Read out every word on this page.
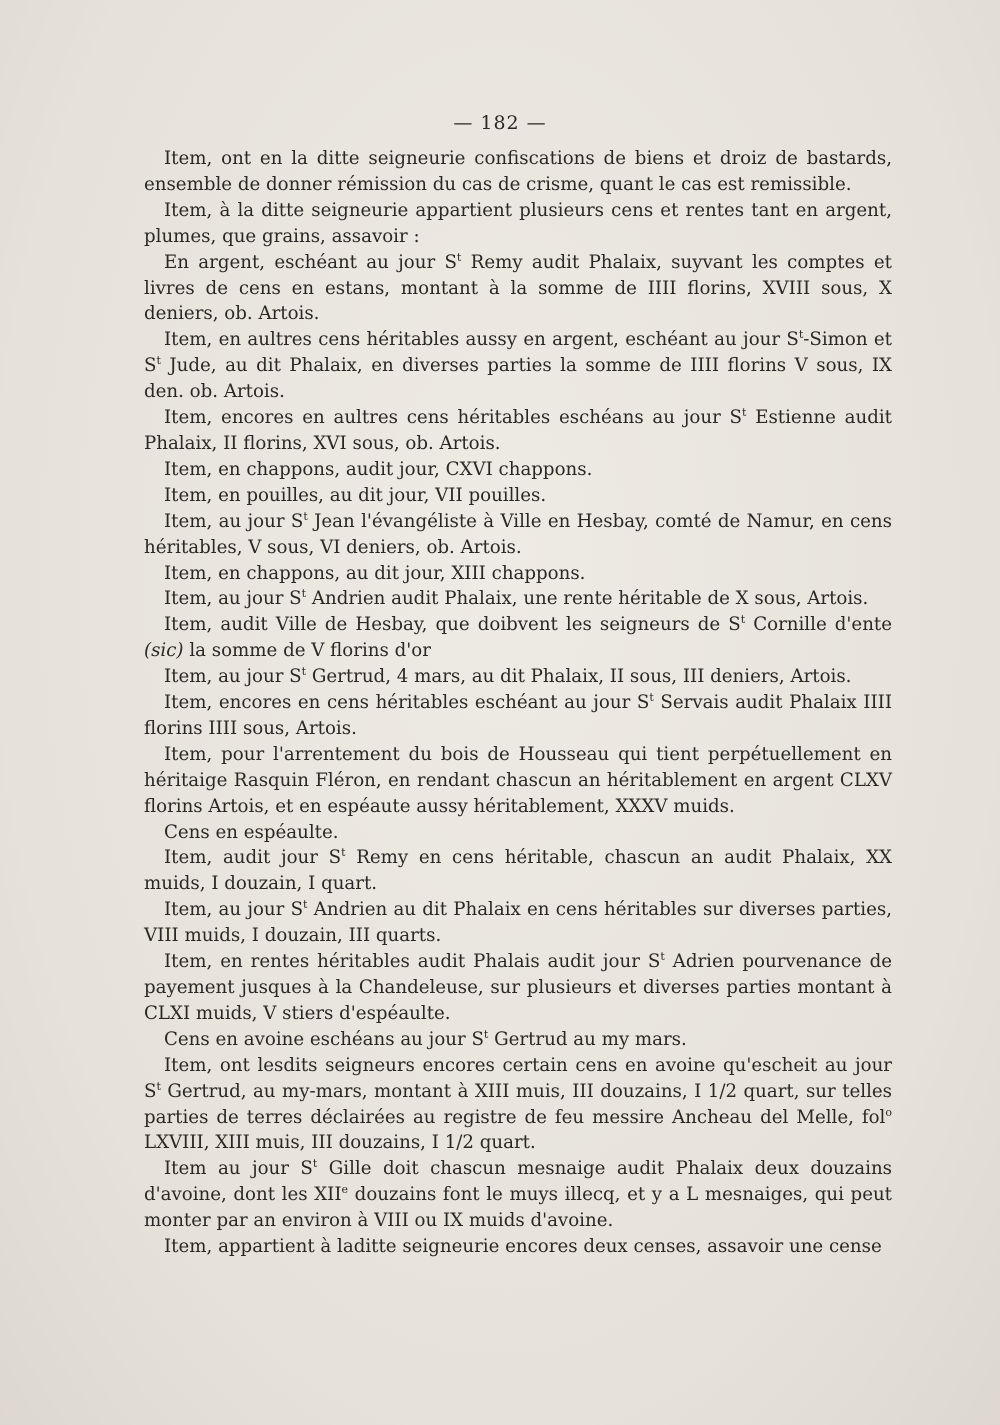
— 182 —

Item, ont en la ditte seigneurie confiscations de biens et droiz de bastards, ensemble de donner rémission du cas de crisme, quant le cas est remissible.

Item, à la ditte seigneurie appartient plusieurs cens et rentes tant en argent, plumes, que grains, assavoir :

En argent, eschéant au jour $S^t$ Remy audit Phalaix, suyvant les comptes et livres de cens en estans, montant à la somme de IIII florins, XVIII sous, X deniers, ob. Artois.

Item, en aultres cens héritables aussy en argent, eschéant au jour $S^t$-Simon et $S^t$ Jude, au dit Phalaix, en diverses parties la somme de IIII florins V sous, IX den. ob. Artois.

Item, encores en aultres cens héritables eschéans au jour $S^t$ Estienne audit Phalaix, II florins, XVI sous, ob. Artois.

Item, en chappons, audit jour, CXVI chappons.

Item, en pouilles, au dit jour, VII pouilles.

Item, au jour $S^t$ Jean l'évangéliste à Ville en Hesbay, comté de Namur, en cens héritables, V sous, VI deniers, ob. Artois.

Item, en chappons, au dit jour, XIII chappons.

Item, au jour $S^t$ Andrien audit Phalaix, une rente héritable de X sous, Artois.

Item, audit Ville de Hesbay, que doibvent les seigneurs de $S^t$ Cornille d'ente (sic) la somme de V florins d'or

Item, au jour $S^t$ Gertrud, 4 mars, au dit Phalaix, II sous, III deniers, Artois.

Item, encores en cens héritables eschéant au jour $S^t$ Servais audit Phalaix IIII florins IIII sous, Artois.

Item, pour l'arrentement du bois de Housseau qui tient perpétuellement en héritaige Rasquin Fléron, en rendant chascun an héritablement en argent CLXV florins Artois, et en espéaute aussy héritablement, XXXV muids.

Cens en espéaulte.

Item, audit jour $S^t$ Remy en cens héritable, chascun an audit Phalaix, XX muids, I douzain, I quart.

Item, au jour $S^t$ Andrien au dit Phalaix en cens héritables sur diverses parties, VIII muids, I douzain, III quarts.

Item, en rentes héritables audit Phalais audit jour $S^t$ Adrien pourvenance de payement jusques à la Chandeleuse, sur plusieurs et diverses parties montant à CLXI muids, V stiers d'espéaulte.

Cens en avoine eschéans au jour $S^t$ Gertrud au my mars.

Item, ont lesdits seigneurs encores certain cens en avoine qu'escheit au jour $S^t$ Gertrud, au my-mars, montant à XIII muis, III douzains, I 1/2 quart, sur telles parties de terres déclairées au registre de feu messire Ancheau del Melle, fol$^o$ LXVIII, XIII muis, III douzains, I 1/2 quart.

Item au jour $S^t$ Gille doit chascun mesnaige audit Phalaix deux douzains d'avoine, dont les XIIe douzains font le muys illecq, et y a L mesnaiges, qui peut monter par an environ à VIII ou IX muids d'avoine.

Item, appartient à laditte seigneurie encores deux censes, assavoir une cense
